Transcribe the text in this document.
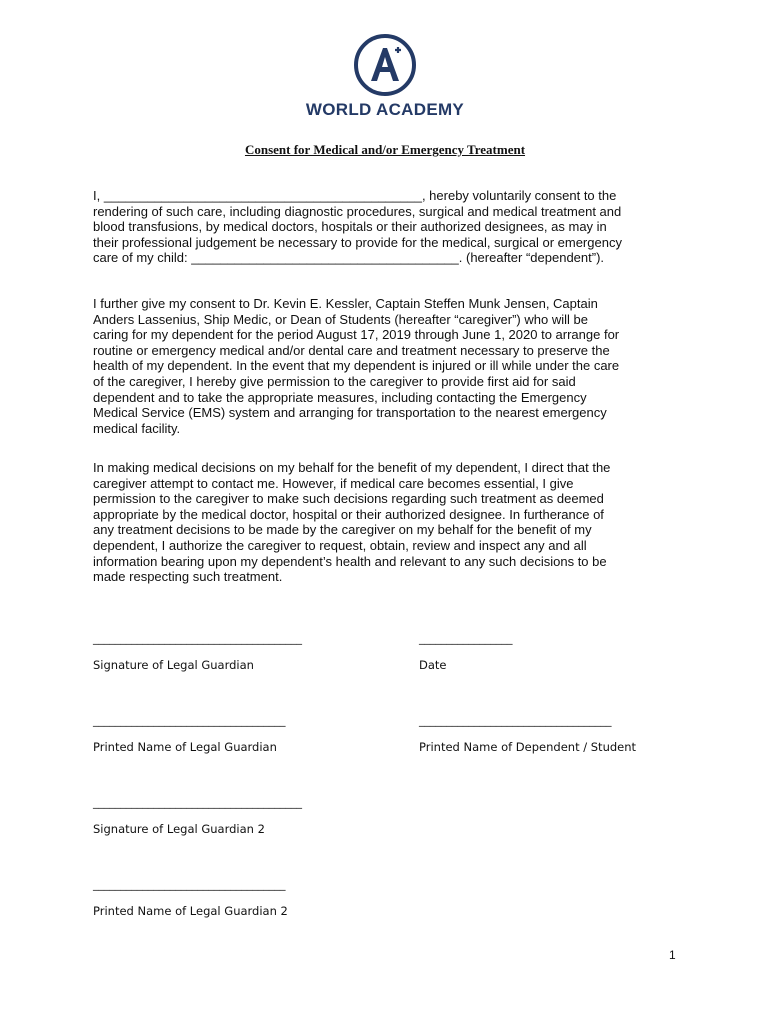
WORLD ACADEMY
Consent for Medical and/or Emergency Treatment

I, ____________________________________________, hereby voluntarily consent to the
rendering of such care, including diagnostic procedures, surgical and medical treatment and
blood transfusions, by medical doctors, hospitals or their authorized designees, as may in
their professional judgement be necessary to provide for the medical, surgical or emergency
care of my child: _____________________________________. (hereafter “dependent”).

I further give my consent to Dr. Kevin E. Kessler, Captain Steffen Munk Jensen, Captain
Anders Lassenius, Ship Medic, or Dean of Students (hereafter “caregiver”) who will be
caring for my dependent for the period August 17, 2019 through June 1, 2020 to arrange for
routine or emergency medical and/or dental care and treatment necessary to preserve the
health of my dependent. In the event that my dependent is injured or ill while under the care
of the caregiver, I hereby give permission to the caregiver to provide first aid for said
dependent and to take the appropriate measures, including contacting the Emergency
Medical Service (EMS) system and arranging for transportation to the nearest emergency
medical facility.

In making medical decisions on my behalf for the benefit of my dependent, I direct that the
caregiver attempt to contact me. However, if medical care becomes essential, I give
permission to the caregiver to make such decisions regarding such treatment as deemed
appropriate by the medical doctor, hospital or their authorized designee. In furtherance of
any treatment decisions to be made by the caregiver on my behalf for the benefit of my
dependent, I authorize the caregiver to request, obtain, review and inspect any and all
information bearing upon my dependent’s health and relevant to any such decisions to be
made respecting such treatment.

______________________________________
Signature of Legal Guardian
_________________
Date
___________________________________
Printed Name of Legal Guardian
___________________________________
Printed Name of Dependent / Student
______________________________________
Signature of Legal Guardian 2
___________________________________
Printed Name of Legal Guardian 2
1
